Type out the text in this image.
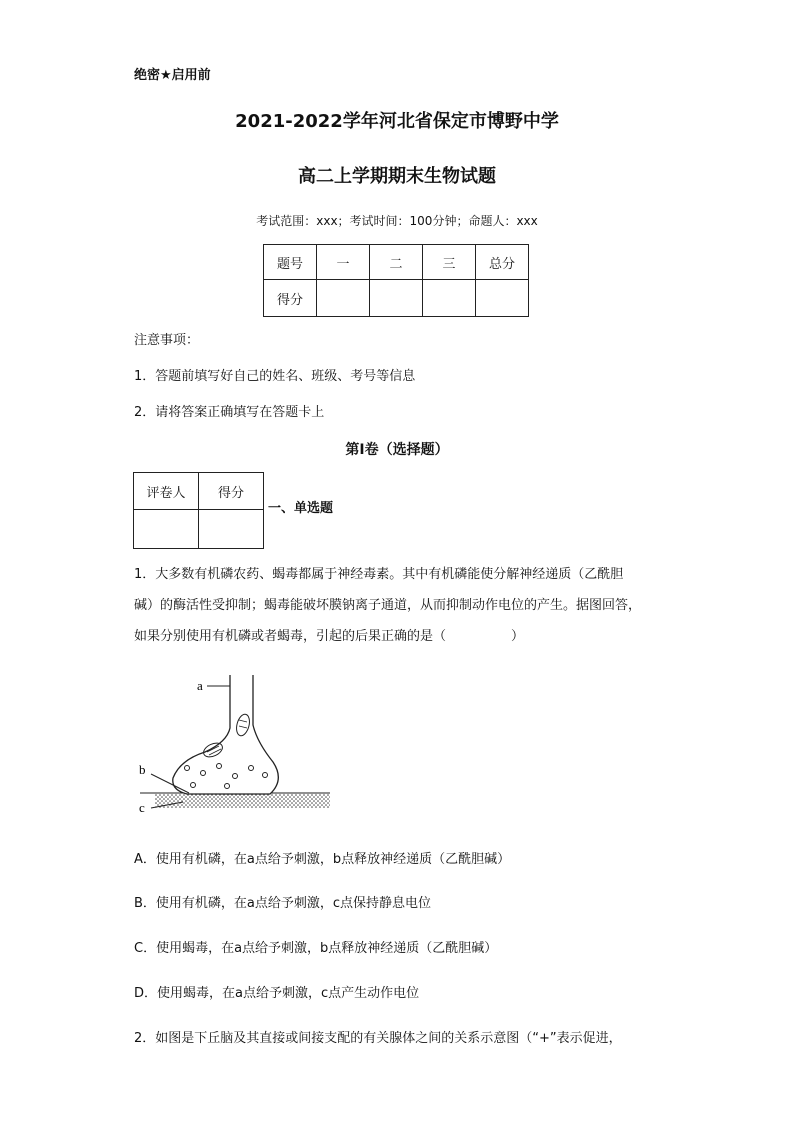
绝密★启用前
2021-2022学年河北省保定市博野中学
高二上学期期末生物试题
考试范围：xxx；考试时间：100分钟；命题人：xxx
题号	一	二	三	总分
得分				
注意事项：
1．答题前填写好自己的姓名、班级、考号等信息
2．请将答案正确填写在答题卡上
第I卷（选择题）
评卷人	得分

一、单选题
1．大多数有机磷农药、蝎毒都属于神经毒素。其中有机磷能使分解神经递质（乙酰胆
碱）的酶活性受抑制；蝎毒能破坏膜钠离子通道，从而抑制动作电位的产生。据图回答，
如果分别使用有机磷或者蝎毒，引起的后果正确的是（　　　　　）
a
b
c
A．使用有机磷，在a点给予刺激，b点释放神经递质（乙酰胆碱）
B．使用有机磷，在a点给予刺激，c点保持静息电位
C．使用蝎毒，在a点给予刺激，b点释放神经递质（乙酰胆碱）
D．使用蝎毒，在a点给予刺激，c点产生动作电位
2．如图是下丘脑及其直接或间接支配的有关腺体之间的关系示意图（“+”表示促进，
